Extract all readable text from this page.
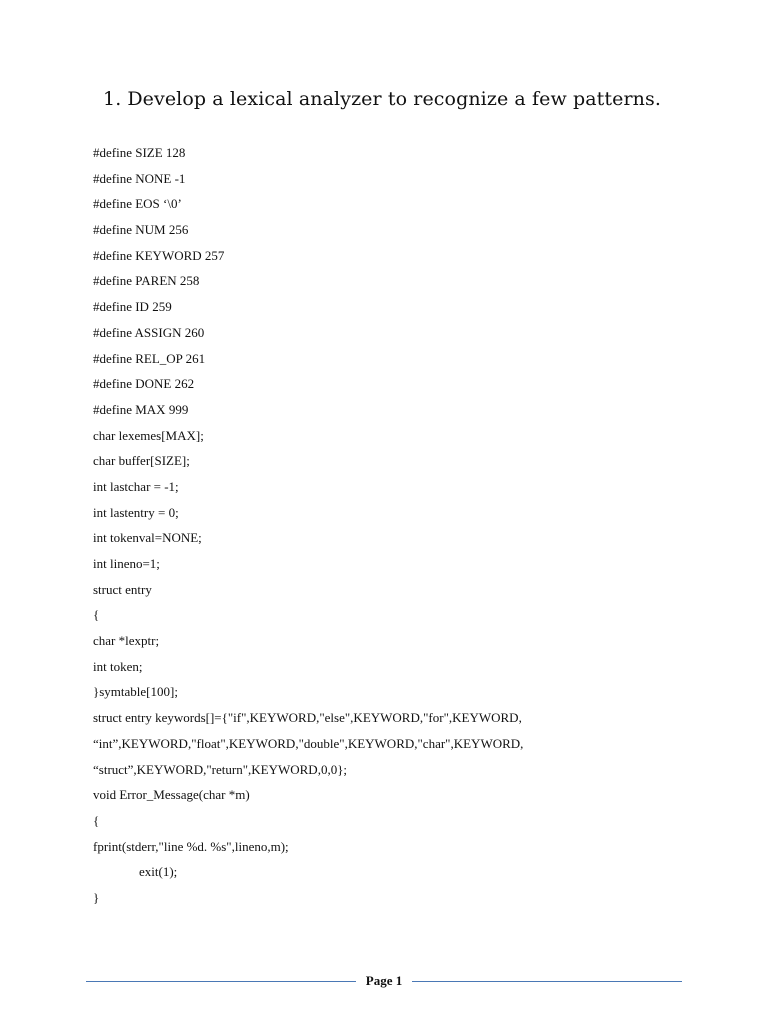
1. Develop a lexical analyzer to recognize a few patterns.
#define SIZE 128
#define NONE -1
#define EOS ‘\0’
#define NUM 256
#define KEYWORD 257
#define PAREN 258
#define ID 259
#define ASSIGN 260
#define REL_OP 261
#define DONE 262
#define MAX 999
char lexemes[MAX];
char buffer[SIZE];
int lastchar = -1;
int lastentry = 0;
int tokenval=NONE;
int lineno=1;
struct entry
{
char *lexptr;
int token;
}symtable[100];
struct entry keywords[]={"if",KEYWORD,"else",KEYWORD,"for",KEYWORD,
“int”,KEYWORD,"float",KEYWORD,"double",KEYWORD,"char",KEYWORD,
“struct”,KEYWORD,"return",KEYWORD,0,0};
void Error_Message(char *m)
{
fprint(stderr,"line %d. %s",lineno,m);
exit(1);
}
Page 1
